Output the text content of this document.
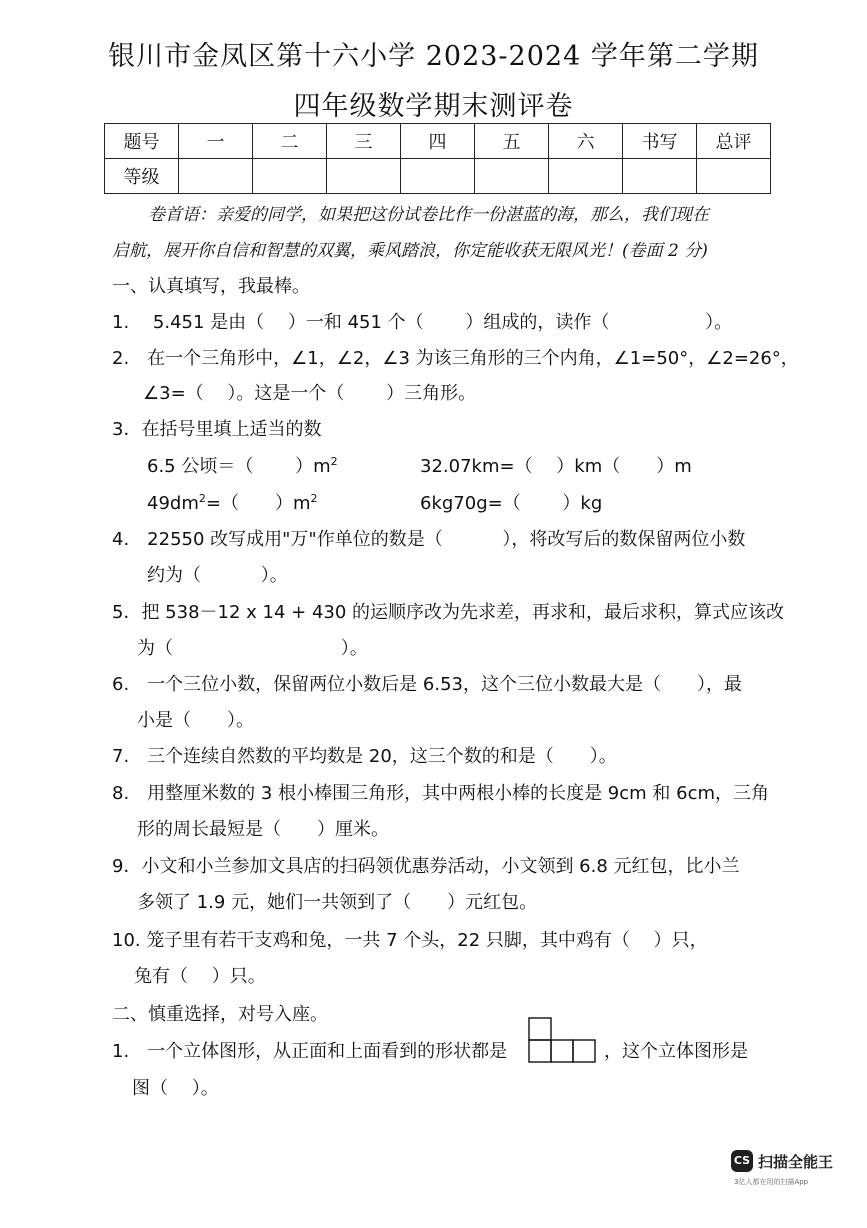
银川市金凤区第十六小学 2023-2024 学年第二学期
四年级数学期末测评卷
题号	一	二	三	四	五	六	书写	总评
等级								
卷首语：亲爱的同学，如果把这份试卷比作一份湛蓝的海，那么，我们现在
启航，展开你自信和智慧的双翼，乘风踏浪，你定能收获无限风光！(卷面 2 分)
一、认真填写，我最棒。
1.　 5.451 是由（　 ）一和 451 个（　　 ）组成的，读作（　　　　　 ）。
2.　在一个三角形中，∠1，∠2，∠3 为该三角形的三个内角，∠1=50°，∠2=26°，
∠3=（　 ）。这是一个（　　 ）三角形。
3．在括号里填上适当的数
6.5 公顷＝（　　 ）$m^2$	32.07km=（　 ）km（　　）m
$49dm^2=$（　　）$m^2$	6kg70g=（　　 ）kg
4.　22550 改写成用"万"作单位的数是（　　　 ），将改写后的数保留两位小数
约为（　　　 ）。
5．把 538－12 x 14 + 430 的运顺序改为先求差，再求和，最后求积，算式应该改
为（　　　　　　　　　 ）。
6.　一个三位小数，保留两位小数后是 6.53，这个三位小数最大是（　　），最
小是（　　）。
7.　三个连续自然数的平均数是 20，这三个数的和是（　　）。
8.　用整厘米数的 3 根小棒围三角形，其中两根小棒的长度是 9cm 和 6cm，三角
形的周长最短是（　　）厘米。
9．小文和小兰参加文具店的扫码领优惠券活动，小文领到 6.8 元红包，比小兰
多领了 1.9 元，她们一共领到了（　　）元红包。
10. 笼子里有若干支鸡和兔，一共 7 个头，22 只脚，其中鸡有（　 ）只，
兔有（　 ）只。
二、慎重选择，对号入座。
1.　一个立体图形，从正面和上面看到的形状都是	，这个立体图形是
图（　 ）。
CS 扫描全能王
3亿人都在用的扫描App
